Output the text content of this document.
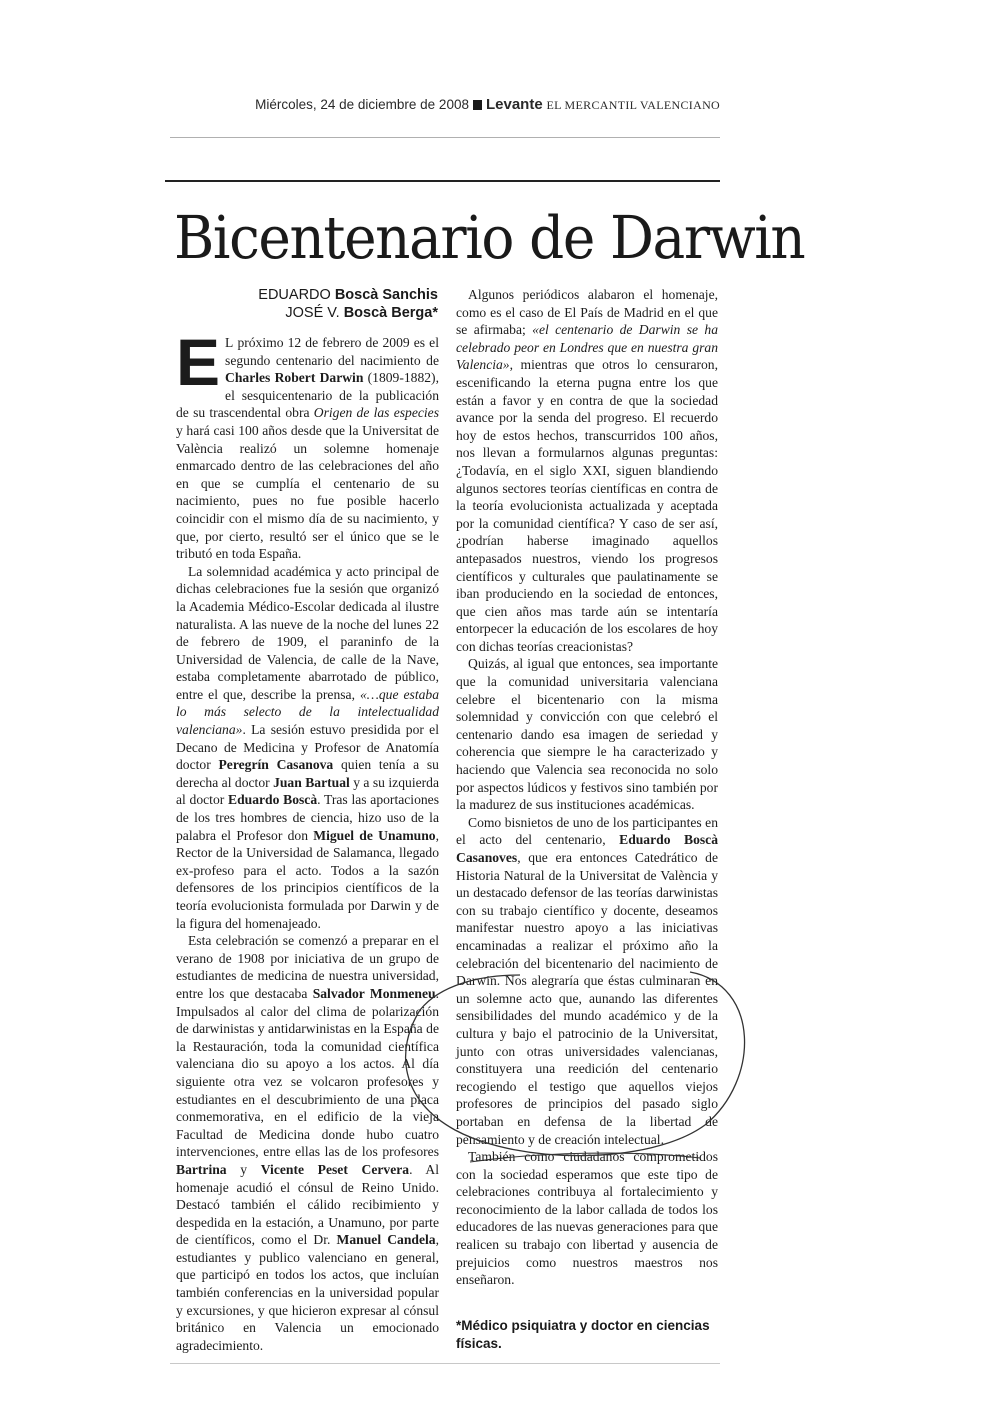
Miércoles, 24 de diciembre de 2008 Levante EL MERCANTIL VALENCIANO
Bicentenario de Darwin
EDUARDO Boscà Sanchis
JOSÉ V. Boscà Berga*

E L próximo 12 de febrero de 2009 es el segundo centenario del nacimiento de Charles Robert Darwin (1809-1882), el sesquicentenario de la publicación de su trascendental obra Origen de las especies y hará casi 100 años desde que la Universitat de València realizó un solemne homenaje enmarcado dentro de las celebraciones del año en que se cumplía el centenario de su nacimiento, pues no fue posible hacerlo coincidir con el mismo día de su nacimiento, y que, por cierto, resultó ser el único que se le tributó en toda España.

La solemnidad académica y acto principal de dichas celebraciones fue la sesión que organizó la Academia Médico-Escolar dedicada al ilustre naturalista. A las nueve de la noche del lunes 22 de febrero de 1909, el paraninfo de la Universidad de Valencia, de calle de la Nave, estaba completamente abarrotado de público, entre el que, describe la prensa, «…que estaba lo más selecto de la intelectualidad valenciana». La sesión estuvo presidida por el Decano de Medicina y Profesor de Anatomía doctor Peregrín Casanova quien tenía a su derecha al doctor Juan Bartual y a su izquierda al doctor Eduardo Boscà. Tras las aportaciones de los tres hombres de ciencia, hizo uso de la palabra el Profesor don Miguel de Unamuno, Rector de la Universidad de Salamanca, llegado ex-profeso para el acto. Todos a la sazón defensores de los principios científicos de la teoría evolucionista formulada por Darwin y de la figura del homenajeado.

Esta celebración se comenzó a preparar en el verano de 1908 por iniciativa de un grupo de estudiantes de medicina de nuestra universidad, entre los que destacaba Salvador Monmeneu. Impulsados al calor del clima de polarización de darwinistas y antidarwinistas en la España de la Restauración, toda la comunidad científica valenciana dio su apoyo a los actos. Al día siguiente otra vez se volcaron profesores y estudiantes en el descubrimiento de una placa conmemorativa, en el edificio de la vieja Facultad de Medicina donde hubo cuatro intervenciones, entre ellas las de los profesores Bartrina y Vicente Peset Cervera. Al homenaje acudió el cónsul de Reino Unido. Destacó también el cálido recibimiento y despedida en la estación, a Unamuno, por parte de científicos, como el Dr. Manuel Candela, estudiantes y publico valenciano en general, que participó en todos los actos, que incluían también conferencias en la universidad popular y excursiones, y que hicieron expresar al cónsul británico en Valencia un emocionado agradecimiento.

Algunos periódicos alabaron el homenaje, como es el caso de El País de Madrid en el que se afirmaba; «el centenario de Darwin se ha celebrado peor en Londres que en nuestra gran Valencia», mientras que otros lo censuraron, escenificando la eterna pugna entre los que están a favor y en contra de que la sociedad avance por la senda del progreso. El recuerdo hoy de estos hechos, transcurridos 100 años, nos llevan a formularnos algunas preguntas: ¿Todavía, en el siglo XXI, siguen blandiendo algunos sectores teorías científicas en contra de la teoría evolucionista actualizada y aceptada por la comunidad científica? Y caso de ser así, ¿podrían haberse imaginado aquellos antepasados nuestros, viendo los progresos científicos y culturales que paulatinamente se iban produciendo en la sociedad de entonces, que cien años mas tarde aún se intentaría entorpecer la educación de los escolares de hoy con dichas teorías creacionistas?

Quizás, al igual que entonces, sea importante que la comunidad universitaria valenciana celebre el bicentenario con la misma solemnidad y convicción con que celebró el centenario dando esa imagen de seriedad y coherencia que siempre le ha caracterizado y haciendo que Valencia sea reconocida no solo por aspectos lúdicos y festivos sino también por la madurez de sus instituciones académicas.

Como bisnietos de uno de los participantes en el acto del centenario, Eduardo Boscà Casanoves, que era entonces Catedrático de Historia Natural de la Universitat de València y un destacado defensor de las teorías darwinistas con su trabajo científico y docente, deseamos manifestar nuestro apoyo a las iniciativas encaminadas a realizar el próximo año la celebración del bicentenario del nacimiento de Darwin. Nos alegraría que éstas culminaran en un solemne acto que, aunando las diferentes sensibilidades del mundo académico y de la cultura y bajo el patrocinio de la Universitat, junto con otras universidades valencianas, constituyera una reedición del centenario recogiendo el testigo que aquellos viejos profesores de principios del pasado siglo portaban en defensa de la libertad de pensamiento y de creación intelectual.

También como ciudadanos comprometidos con la sociedad esperamos que este tipo de celebraciones contribuya al fortalecimiento y reconocimiento de la labor callada de todos los educadores de las nuevas generaciones para que realicen su trabajo con libertad y ausencia de prejuicios como nuestros maestros nos enseñaron.

*Médico psiquiatra y doctor en ciencias físicas.
